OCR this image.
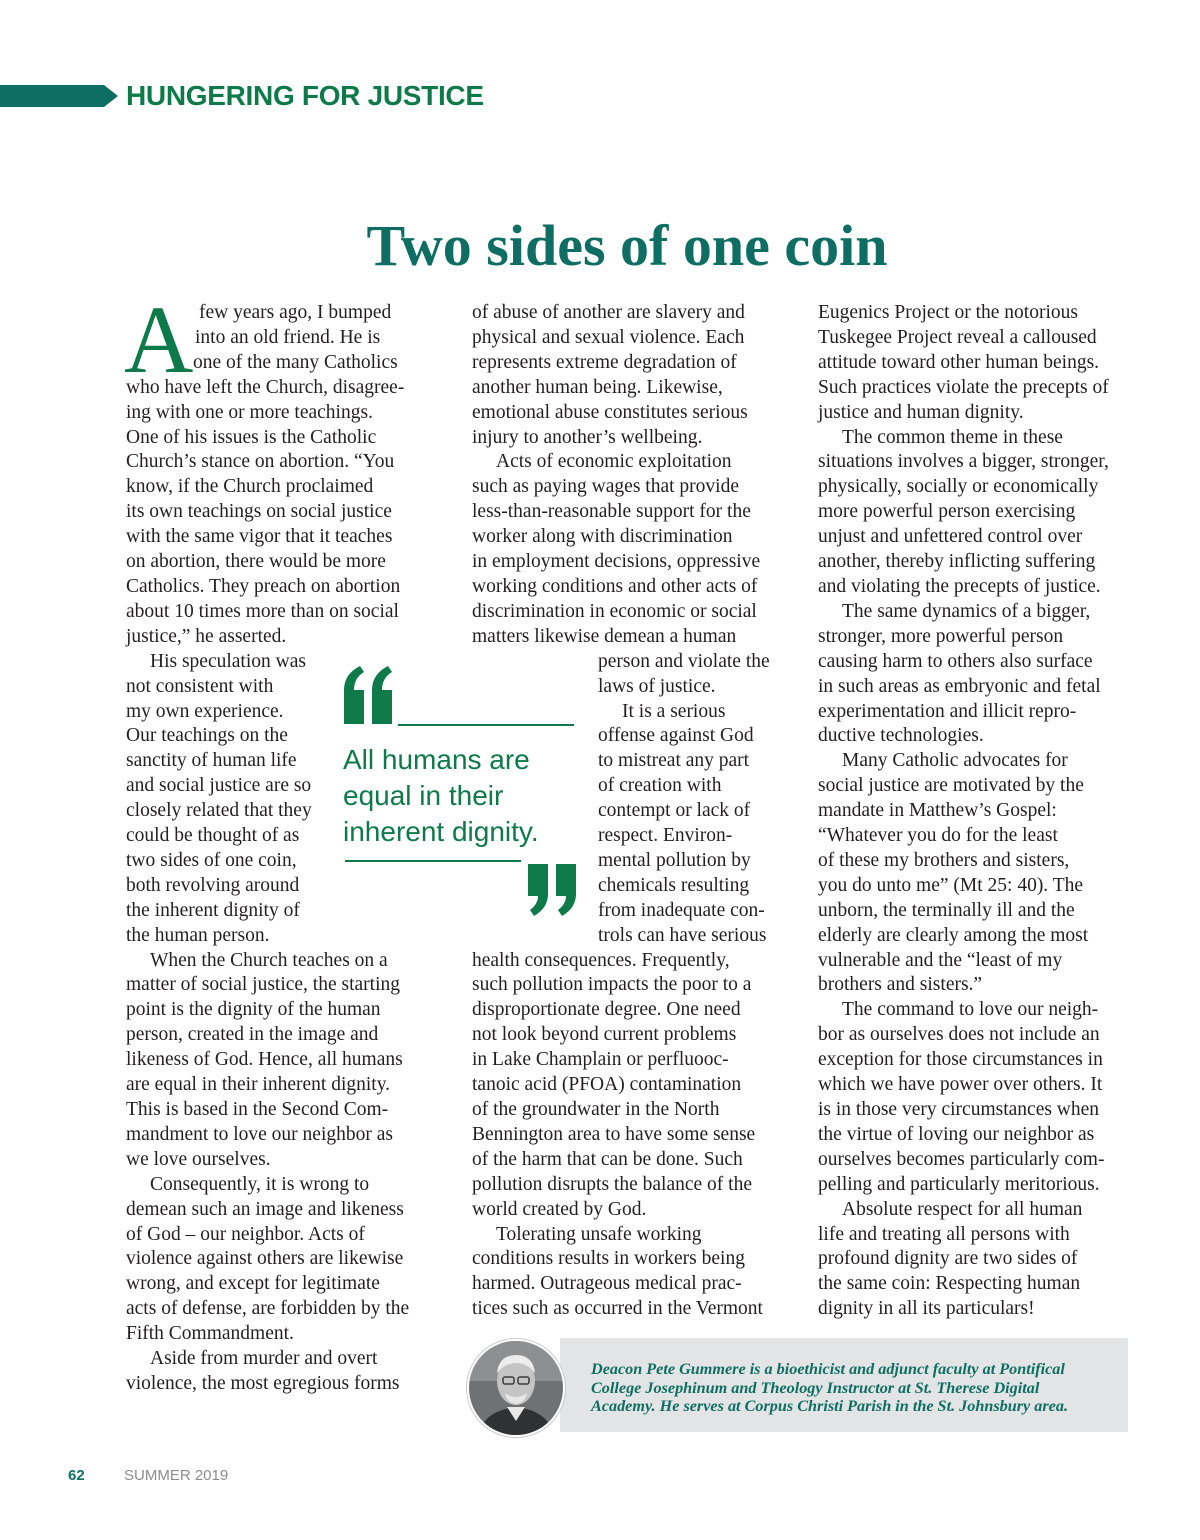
HUNGERING FOR JUSTICE
Two sides of one coin
A few years ago, I bumped
into an old friend. He is
one of the many Catholics
who have left the Church, disagree-
ing with one or more teachings.
One of his issues is the Catholic
Church’s stance on abortion. “You
know, if the Church proclaimed
its own teachings on social justice
with the same vigor that it teaches
on abortion, there would be more
Catholics. They preach on abortion
about 10 times more than on social
justice,” he asserted.
His speculation was
not consistent with
my own experience.
Our teachings on the
sanctity of human life
and social justice are so
closely related that they
could be thought of as
two sides of one coin,
both revolving around
the inherent dignity of
the human person.
When the Church teaches on a
matter of social justice, the starting
point is the dignity of the human
person, created in the image and
likeness of God. Hence, all humans
are equal in their inherent dignity.
This is based in the Second Com-
mandment to love our neighbor as
we love ourselves.
Consequently, it is wrong to
demean such an image and likeness
of God – our neighbor. Acts of
violence against others are likewise
wrong, and except for legitimate
acts of defense, are forbidden by the
Fifth Commandment.
Aside from murder and overt
violence, the most egregious forms
of abuse of another are slavery and
physical and sexual violence. Each
represents extreme degradation of
another human being. Likewise,
emotional abuse constitutes serious
injury to another’s wellbeing.
Acts of economic exploitation
such as paying wages that provide
less-than-reasonable support for the
worker along with discrimination
in employment decisions, oppressive
working conditions and other acts of
discrimination in economic or social
matters likewise demean a human
person and violate the
laws of justice.
It is a serious
offense against God
to mistreat any part
of creation with
contempt or lack of
respect. Environ-
mental pollution by
chemicals resulting
from inadequate con-
trols can have serious
health consequences. Frequently,
such pollution impacts the poor to a
disproportionate degree. One need
not look beyond current problems
in Lake Champlain or perfluooc-
tanoic acid (PFOA) contamination
of the groundwater in the North
Bennington area to have some sense
of the harm that can be done. Such
pollution disrupts the balance of the
world created by God.
Tolerating unsafe working
conditions results in workers being
harmed. Outrageous medical prac-
tices such as occurred in the Vermont
Eugenics Project or the notorious
Tuskegee Project reveal a calloused
attitude toward other human beings.
Such practices violate the precepts of
justice and human dignity.
The common theme in these
situations involves a bigger, stronger,
physically, socially or economically
more powerful person exercising
unjust and unfettered control over
another, thereby inflicting suffering
and violating the precepts of justice.
The same dynamics of a bigger,
stronger, more powerful person
causing harm to others also surface
in such areas as embryonic and fetal
experimentation and illicit repro-
ductive technologies.
Many Catholic advocates for
social justice are motivated by the
mandate in Matthew’s Gospel:
“Whatever you do for the least
of these my brothers and sisters,
you do unto me” (Mt 25: 40). The
unborn, the terminally ill and the
elderly are clearly among the most
vulnerable and the “least of my
brothers and sisters.”
The command to love our neigh-
bor as ourselves does not include an
exception for those circumstances in
which we have power over others. It
is in those very circumstances when
the virtue of loving our neighbor as
ourselves becomes particularly com-
pelling and particularly meritorious.
Absolute respect for all human
life and treating all persons with
profound dignity are two sides of
the same coin: Respecting human
dignity in all its particulars!
All humans are
equal in their
inherent dignity.
Deacon Pete Gummere is a bioethicist and adjunct faculty at Pontifical
College Josephinum and Theology Instructor at St. Therese Digital
Academy. He serves at Corpus Christi Parish in the St. Johnsbury area.
62	SUMMER 2019
